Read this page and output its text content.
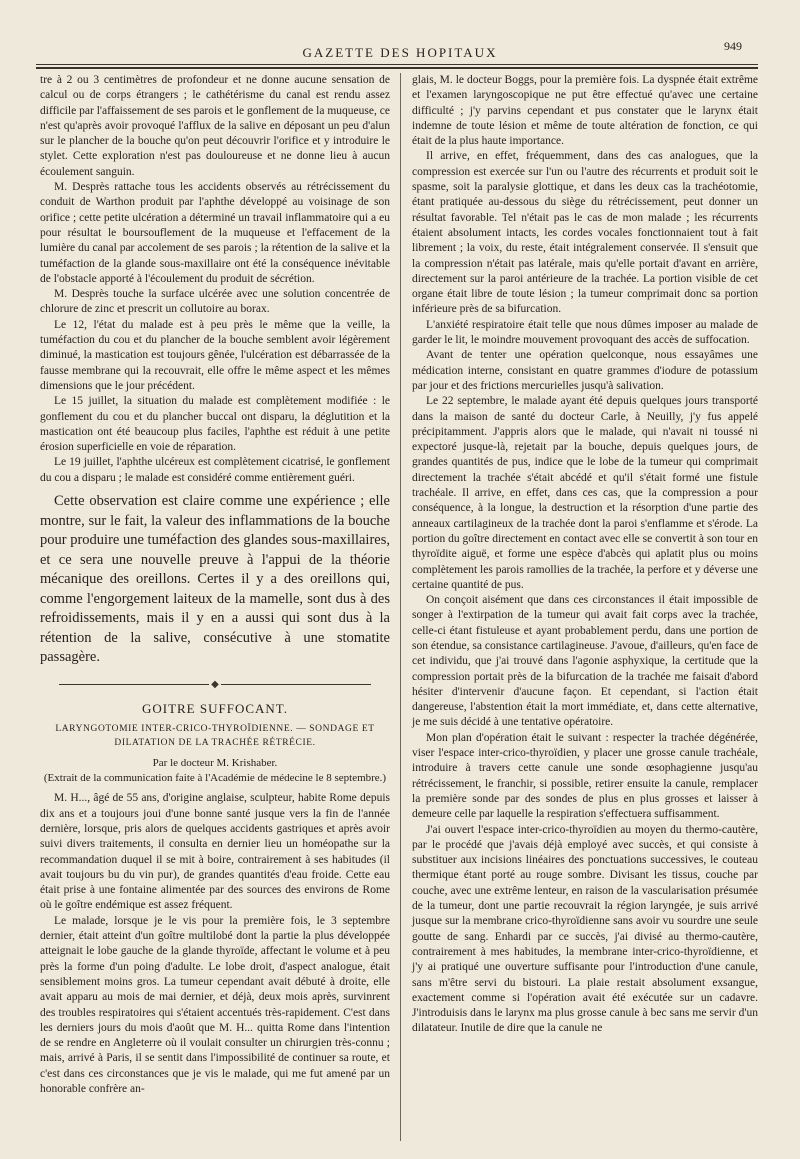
GAZETTE DES HOPITAUX	949

tre à 2 ou 3 centimètres de profondeur et ne donne aucune sensation de calcul ou de corps étrangers ; le cathétérisme du canal est rendu assez difficile par l'affaissement de ses parois et le gonflement de la muqueuse, ce n'est qu'après avoir provoqué l'afflux de la salive en déposant un peu d'alun sur le plancher de la bouche qu'on peut découvrir l'orifice et y introduire le stylet. Cette exploration n'est pas douloureuse et ne donne lieu à aucun écoulement sanguin.

M. Desprès rattache tous les accidents observés au rétrécissement du conduit de Warthon produit par l'aphthe développé au voisinage de son orifice ; cette petite ulcération a déterminé un travail inflammatoire qui a eu pour résultat le boursouflement de la muqueuse et l'effacement de la lumière du canal par accolement de ses parois ; la rétention de la salive et la tuméfaction de la glande sous-maxillaire ont été la conséquence inévitable de l'obstacle apporté à l'écoulement du produit de sécrétion.

M. Desprès touche la surface ulcérée avec une solution concentrée de chlorure de zinc et prescrit un collutoire au borax.

Le 12, l'état du malade est à peu près le même que la veille, la tuméfaction du cou et du plancher de la bouche semblent avoir légèrement diminué, la mastication est toujours gênée, l'ulcération est débarrassée de la fausse membrane qui la recouvrait, elle offre le même aspect et les mêmes dimensions que le jour précédent.

Le 15 juillet, la situation du malade est complètement modifiée : le gonflement du cou et du plancher buccal ont disparu, la déglutition et la mastication ont été beaucoup plus faciles, l'aphthe est réduit à une petite érosion superficielle en voie de réparation.

Le 19 juillet, l'aphthe ulcéreux est complètement cicatrisé, le gonflement du cou a disparu ; le malade est considéré comme entièrement guéri.

Cette observation est claire comme une expérience ; elle montre, sur le fait, la valeur des inflammations de la bouche pour produire une tuméfaction des glandes sous-maxillaires, et ce sera une nouvelle preuve à l'appui de la théorie mécanique des oreillons. Certes il y a des oreillons qui, comme l'engorgement laiteux de la mamelle, sont dus à des refroidissements, mais il y en a aussi qui sont dus à la rétention de la salive, consécutive à une stomatite passagère.

◆
GOITRE SUFFOCANT.
LARYNGOTOMIE INTER-CRICO-THYROÏDIENNE. — SONDAGE ET DILATATION DE LA TRACHÉE RÉTRÉCIE.
Par le docteur M. Krishaber.
(Extrait de la communication faite à l'Académie de médecine le 8 septembre.)

M. H..., âgé de 55 ans, d'origine anglaise, sculpteur, habite Rome depuis dix ans et a toujours joui d'une bonne santé jusque vers la fin de l'année dernière, lorsque, pris alors de quelques accidents gastriques et après avoir suivi divers traitements, il consulta en dernier lieu un homéopathe sur la recommandation duquel il se mit à boire, contrairement à ses habitudes (il avait toujours bu du vin pur), de grandes quantités d'eau froide. Cette eau était prise à une fontaine alimentée par des sources des environs de Rome où le goître endémique est assez fréquent.

Le malade, lorsque je le vis pour la première fois, le 3 septembre dernier, était atteint d'un goître multilobé dont la partie la plus développée atteignait le lobe gauche de la glande thyroïde, affectant le volume et à peu près la forme d'un poing d'adulte. Le lobe droit, d'aspect analogue, était sensiblement moins gros. La tumeur cependant avait débuté à droite, elle avait apparu au mois de mai dernier, et déjà, deux mois après, survinrent des troubles respiratoires qui s'étaient accentués très-rapidement. C'est dans les derniers jours du mois d'août que M. H... quitta Rome dans l'intention de se rendre en Angleterre où il voulait consulter un chirurgien très-connu ; mais, arrivé à Paris, il se sentit dans l'impossibilité de continuer sa route, et c'est dans ces circonstances que je vis le malade, qui me fut amené par un honorable confrère an-

glais, M. le docteur Boggs, pour la première fois. La dyspnée était extrême et l'examen laryngoscopique ne put être effectué qu'avec une certaine difficulté ; j'y parvins cependant et pus constater que le larynx était indemne de toute lésion et même de toute altération de fonction, ce qui était de la plus haute importance.

Il arrive, en effet, fréquemment, dans des cas analogues, que la compression est exercée sur l'un ou l'autre des récurrents et produit soit le spasme, soit la paralysie glottique, et dans les deux cas la trachéotomie, étant pratiquée au-dessous du siège du rétrécissement, peut donner un résultat favorable. Tel n'était pas le cas de mon malade ; les récurrents étaient absolument intacts, les cordes vocales fonctionnaient tout à fait librement ; la voix, du reste, était intégralement conservée. Il s'ensuit que la compression n'était pas latérale, mais qu'elle portait d'avant en arrière, directement sur la paroi antérieure de la trachée. La portion visible de cet organe était libre de toute lésion ; la tumeur comprimait donc sa portion inférieure près de sa bifurcation.

L'anxiété respiratoire était telle que nous dûmes imposer au malade de garder le lit, le moindre mouvement provoquant des accès de suffocation.

Avant de tenter une opération quelconque, nous essayâmes une médication interne, consistant en quatre grammes d'iodure de potassium par jour et des frictions mercurielles jusqu'à salivation.

Le 22 septembre, le malade ayant été depuis quelques jours transporté dans la maison de santé du docteur Carle, à Neuilly, j'y fus appelé précipitamment. J'appris alors que le malade, qui n'avait ni toussé ni expectoré jusque-là, rejetait par la bouche, depuis quelques jours, de grandes quantités de pus, indice que le lobe de la tumeur qui comprimait directement la trachée s'était abcédé et qu'il s'était formé une fistule trachéale. Il arrive, en effet, dans ces cas, que la compression a pour conséquence, à la longue, la destruction et la résorption d'une partie des anneaux cartilagineux de la trachée dont la paroi s'enflamme et s'érode. La portion du goître directement en contact avec elle se convertit à son tour en thyroïdite aiguë, et forme une espèce d'abcès qui aplatit plus ou moins complètement les parois ramollies de la trachée, la perfore et y déverse une certaine quantité de pus.

On conçoit aisément que dans ces circonstances il était impossible de songer à l'extirpation de la tumeur qui avait fait corps avec la trachée, celle-ci étant fistuleuse et ayant probablement perdu, dans une portion de son étendue, sa consistance cartilagineuse. J'avoue, d'ailleurs, qu'en face de cet individu, que j'ai trouvé dans l'agonie asphyxique, la certitude que la compression portait près de la bifurcation de la trachée me faisait d'abord hésiter d'intervenir d'aucune façon. Et cependant, si l'action était dangereuse, l'abstention était la mort immédiate, et, dans cette alternative, je me suis décidé à une tentative opératoire.

Mon plan d'opération était le suivant : respecter la trachée dégénérée, viser l'espace inter-crico-thyroïdien, y placer une grosse canule trachéale, introduire à travers cette canule une sonde œsophagienne jusqu'au rétrécissement, le franchir, si possible, retirer ensuite la canule, remplacer la première sonde par des sondes de plus en plus grosses et laisser à demeure celle par laquelle la respiration s'effectuera suffisamment.

J'ai ouvert l'espace inter-crico-thyroïdien au moyen du thermo-cautère, par le procédé que j'avais déjà employé avec succès, et qui consiste à substituer aux incisions linéaires des ponctuations successives, le couteau thermique étant porté au rouge sombre. Divisant les tissus, couche par couche, avec une extrême lenteur, en raison de la vascularisation présumée de la tumeur, dont une partie recouvrait la région laryngée, je suis arrivé jusque sur la membrane crico-thyroïdienne sans avoir vu sourdre une seule goutte de sang. Enhardi par ce succès, j'ai divisé au thermo-cautère, contrairement à mes habitudes, la membrane inter-crico-thyroïdienne, et j'y ai pratiqué une ouverture suffisante pour l'introduction d'une canule, sans m'être servi du bistouri. La plaie restait absolument exsangue, exactement comme si l'opération avait été exécutée sur un cadavre. J'introduisis dans le larynx ma plus grosse canule à bec sans me servir d'un dilatateur. Inutile de dire que la canule ne
